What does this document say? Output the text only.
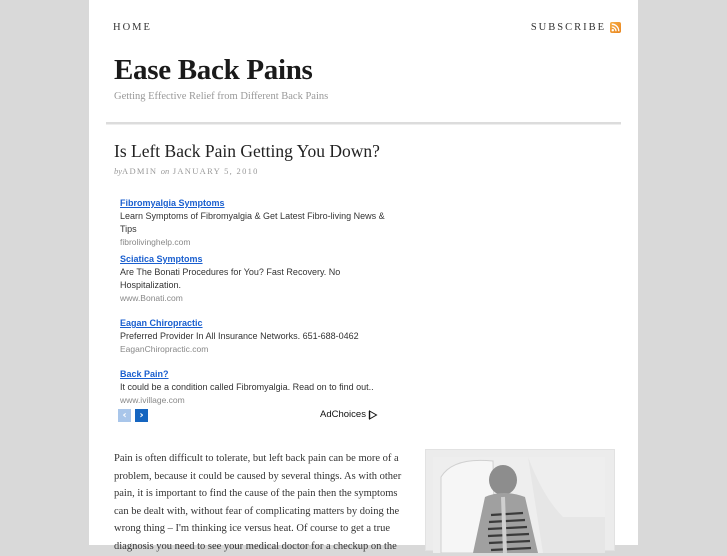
HOME	SUBSCRIBE
Ease Back Pains
Getting Effective Relief from Different Back Pains
Is Left Back Pain Getting You Down?
byADMIN on JANUARY 5, 2010
Fibromyalgia Symptoms
Learn Symptoms of Fibromyalgia & Get Latest Fibro-living News & Tips
fibrolivinghelp.com
Sciatica Symptoms
Are The Bonati Procedures for You? Fast Recovery. No Hospitalization.
www.Bonati.com
Eagan Chiropractic
Preferred Provider In All Insurance Networks. 651-688-0462
EaganChiropractic.com
Back Pain?
It could be a condition called Fibromyalgia. Read on to find out..
www.ivillage.com
‹ ›	AdChoices

Pain is often difficult to tolerate, but left back pain can be more of a problem, because it could be caused by several things. As with other pain, it is important to find the cause of the pain then the symptoms can be dealt with, without fear of complicating matters by doing the wrong thing – I'm thinking ice versus heat. Of course to get a true diagnosis you need to see your medical doctor for a checkup on the
